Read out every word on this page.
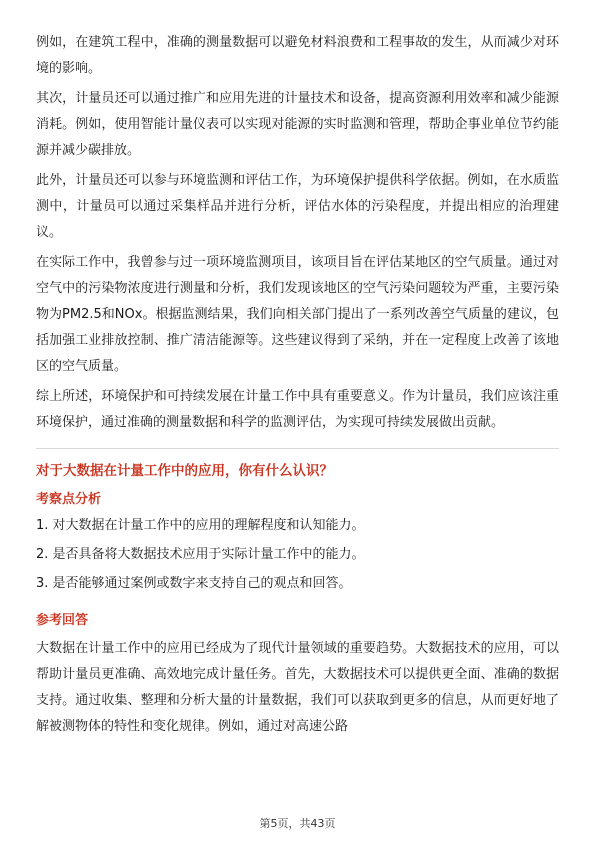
例如，在建筑工程中，准确的测量数据可以避免材料浪费和工程事故的发生，从而减少对环境的影响。

其次，计量员还可以通过推广和应用先进的计量技术和设备，提高资源利用效率和减少能源消耗。例如，使用智能计量仪表可以实现对能源的实时监测和管理，帮助企事业单位节约能源并减少碳排放。

此外，计量员还可以参与环境监测和评估工作，为环境保护提供科学依据。例如，在水质监测中，计量员可以通过采集样品并进行分析，评估水体的污染程度，并提出相应的治理建议。

在实际工作中，我曾参与过一项环境监测项目，该项目旨在评估某地区的空气质量。通过对空气中的污染物浓度进行测量和分析，我们发现该地区的空气污染问题较为严重，主要污染物为PM2.5和NOx。根据监测结果，我们向相关部门提出了一系列改善空气质量的建议，包括加强工业排放控制、推广清洁能源等。这些建议得到了采纳，并在一定程度上改善了该地区的空气质量。

综上所述，环境保护和可持续发展在计量工作中具有重要意义。作为计量员，我们应该注重环境保护，通过准确的测量数据和科学的监测评估，为实现可持续发展做出贡献。

对于大数据在计量工作中的应用，你有什么认识？
考察点分析
1. 对大数据在计量工作中的应用的理解程度和认知能力。
2. 是否具备将大数据技术应用于实际计量工作中的能力。
3. 是否能够通过案例或数字来支持自己的观点和回答。
参考回答

大数据在计量工作中的应用已经成为了现代计量领域的重要趋势。大数据技术的应用，可以帮助计量员更准确、高效地完成计量任务。首先，大数据技术可以提供更全面、准确的数据支持。通过收集、整理和分析大量的计量数据，我们可以获取到更多的信息，从而更好地了解被测物体的特性和变化规律。例如，通过对高速公路

第5页，共43页
